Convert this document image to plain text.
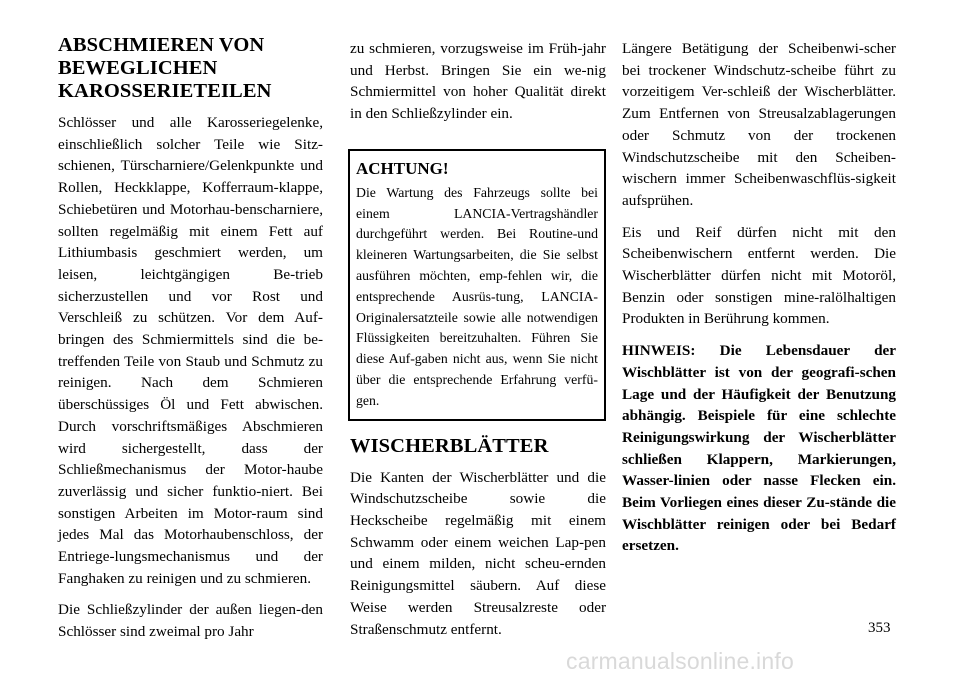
ABSCHMIEREN VON BEWEGLICHEN KAROSSERIETEILEN

Schlösser und alle Karosseriegelenke, einschließlich solcher Teile wie Sitz-schienen, Türscharniere/Gelenkpunkte und Rollen, Heckklappe, Kofferraum-klappe, Schiebetüren und Motorhau-benscharniere, sollten regelmäßig mit einem Fett auf Lithiumbasis geschmiert werden, um leisen, leichtgängigen Be-trieb sicherzustellen und vor Rost und Verschleiß zu schützen. Vor dem Auf-bringen des Schmiermittels sind die be-treffenden Teile von Staub und Schmutz zu reinigen. Nach dem Schmieren überschüssiges Öl und Fett abwischen. Durch vorschriftsmäßiges Abschmieren wird sichergestellt, dass der Schließmechanismus der Motor-haube zuverlässig und sicher funktio-niert. Bei sonstigen Arbeiten im Motor-raum sind jedes Mal das Motorhaubenschloss, der Entriege-lungsmechanismus und der Fanghaken zu reinigen und zu schmieren.

Die Schließzylinder der außen liegen-den Schlösser sind zweimal pro Jahr

zu schmieren, vorzugsweise im Früh-jahr und Herbst. Bringen Sie ein we-nig Schmiermittel von hoher Qualität direkt in den Schließzylinder ein.

ACHTUNG!

Die Wartung des Fahrzeugs sollte bei einem LANCIA-Vertragshändler durchgeführt werden. Bei Routine-und kleineren Wartungsarbeiten, die Sie selbst ausführen möchten, emp-fehlen wir, die entsprechende Ausrüs-tung, LANCIA-Originalersatzteile sowie alle notwendigen Flüssigkeiten bereitzuhalten. Führen Sie diese Auf-gaben nicht aus, wenn Sie nicht über die entsprechende Erfahrung verfü-gen.

WISCHERBLÄTTER

Die Kanten der Wischerblätter und die Windschutzscheibe sowie die Heckscheibe regelmäßig mit einem Schwamm oder einem weichen Lap-pen und einem milden, nicht scheu-ernden Reinigungsmittel säubern. Auf diese Weise werden Streusalzreste oder Straßenschmutz entfernt.

Längere Betätigung der Scheibenwi-scher bei trockener Windschutz-scheibe führt zu vorzeitigem Ver-schleiß der Wischerblätter. Zum Entfernen von Streusalzablagerungen oder Schmutz von der trockenen Windschutzscheibe mit den Scheiben-wischern immer Scheibenwaschflüs-sigkeit aufsprühen.

Eis und Reif dürfen nicht mit den Scheibenwischern entfernt werden. Die Wischerblätter dürfen nicht mit Motoröl, Benzin oder sonstigen mine-ralölhaltigen Produkten in Berührung kommen.

HINWEIS: Die Lebensdauer der Wischblätter ist von der geografi-schen Lage und der Häufigkeit der Benutzung abhängig. Beispiele für eine schlechte Reinigungswirkung der Wischerblätter schließen Klappern, Markierungen, Wasser-linien oder nasse Flecken ein. Beim Vorliegen eines dieser Zu-stände die Wischblätter reinigen oder bei Bedarf ersetzen.

353
carmanualsonline.info
